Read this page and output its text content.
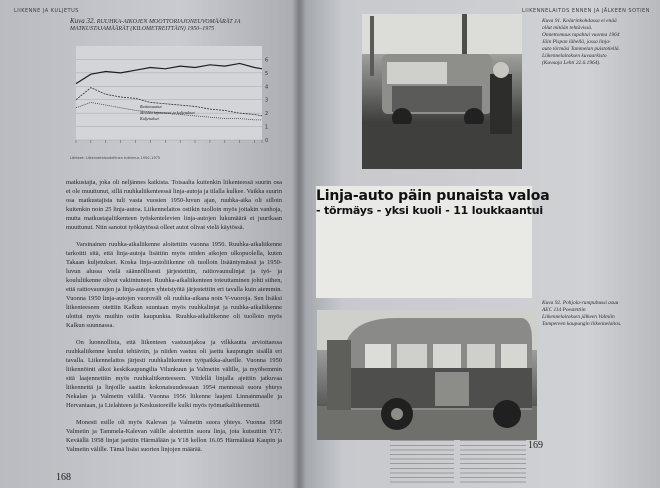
LIIKENNE JA KULJETUS
Kuva 32. RUUHKA-AIKOJEN MOOTTORIAJONEUVOMÄÄRÄT JA MATKUSTAJAMÄÄRÄT (KILOMETREITTÄIN) 1950–1975
0
1
2
3
4
5
6
Raitiovaunut
Moottoriajoneuvot ja kuljetukset
Kuljetukset
Lähteet: Liikennetaloudellinen tutkimus 1950–1975

matkustajia, joka oli neljännes kaikista. Toisaalta kuitenkin liikenteessä suurin osa ei ole muuttunut, sillä ruuhkaliikenteessä linja-autoja ja tilalla kulkee. Vaikka suurin osa matkustajista tuli vasta vuosien 1950-luvun ajan, ruuhka-aika oli silloin kuitenkin noin 25 linja-autoa. Liikennelaitos ostikin tuolloin myös joitakin vanhoja, mutta matkustajaliikenteen työskentelevien linja-autojen lukumäärä ei juurikaan muuttunut. Niin sanotut työkäytössä olleet autot olivat vielä käytössä.

Varsinainen ruuhka-aikaliikenne aloitettiin vuonna 1950. Ruuhka-aikaliikenne tarkoitti sitä, että linja-autoja lisättiin myös niiden aikojen ulkopuolella, kuten Takaan kuljetukset. Koska linja-autoliikenne oli tuolloin lisääntymässä ja 1950-luvun alussa vielä säännöllisesti järjestettiin, raitiovaunulinjat ja työ- ja koululiikenne olivat vakiintuneet. Ruuhka-aikaliikenteen toteuttaminen johti siihen, että raitiovaunujen ja linja-autojen yhteistyötä järjestettiin eri tavalla kuin aiemmin. Vuonna 1950 linja-autojen vuoroväli oli ruuhka-aikana noin V-vuoroja. Sen lisäksi liikenteeseen otettiin Kalkun suuntaan myös ruuhkalinjat ja ruuhka-aikaliikenne ulottui myös muihin osiin kaupunkia. Ruuhka-aikaliikenne oli tuolloin myös Kalkun suunnassa.

On luonnollista, että liikenteen vastuunjakoa ja vilkkautta arvioitaessa ruuhkaliikenne kuului tehtäviin, ja niiden vastuu oli jaettu kaupungin sisällä eri tavalla. Liikennelaitos järjesti ruuhkaliikenteen työpaikka-alueille. Vuonna 1950 liikennöinti alkoi keskikaupungilta Vilunkuun ja Valmetin välille, ja myöhemmin sitä laajennettiin myös ruuhkaliikenteeseen. Viidellä linjalla ajettiin jatkuvaa liikennettä ja linjoille saatiin kokonaisuudessaan 1954 mennessä suora yhteys Nekalan ja Valmetin välillä. Vuonna 1956 liikenne laajeni Linnainmaalle ja Hervantaan, ja Lielahteen ja Keskustoreille kulki myös työmatkaliikennettä.

Monesti esille oli myös Kalevan ja Valmetin suora yhteys. Vuonna 1958 Valmetin ja Tammela-Kalevan välille aloitettiin suora linja, jota kutsuttiin Y17. Keväällä 1958 linjat jaettiin Härmälään ja Y18 kellon 16.05 Härmälästä Kaupin ja Valmetin välille. Tämä lisäsi suorien linjojen määrää.

168
LIIKENNELAITOS ENNEN JA JÄLKEEN SOTIEN
Kuva 91. Kolarinkohdassa ei enää ollut mitään tehtävissä. Onnettomuus tapahtui vuonna 1964 Jäin Pispan lähellä, jossa linja-auto törmäsi Tammelan puistotiellä. Liikennelaitoksen kuvaarkisto (Kuvaaja Lehti 22.6.1964).
Linja-auto päin punaista valoa
- törmäys - yksi kuoli - 11 loukkaantui
Kuva 92. Pohjola-rumpubussi asuu AEC 114 Poestettiin Liikennelaitoksen jälkeen Valmiin Tampereen kaupungin liikennelaitos.
169
